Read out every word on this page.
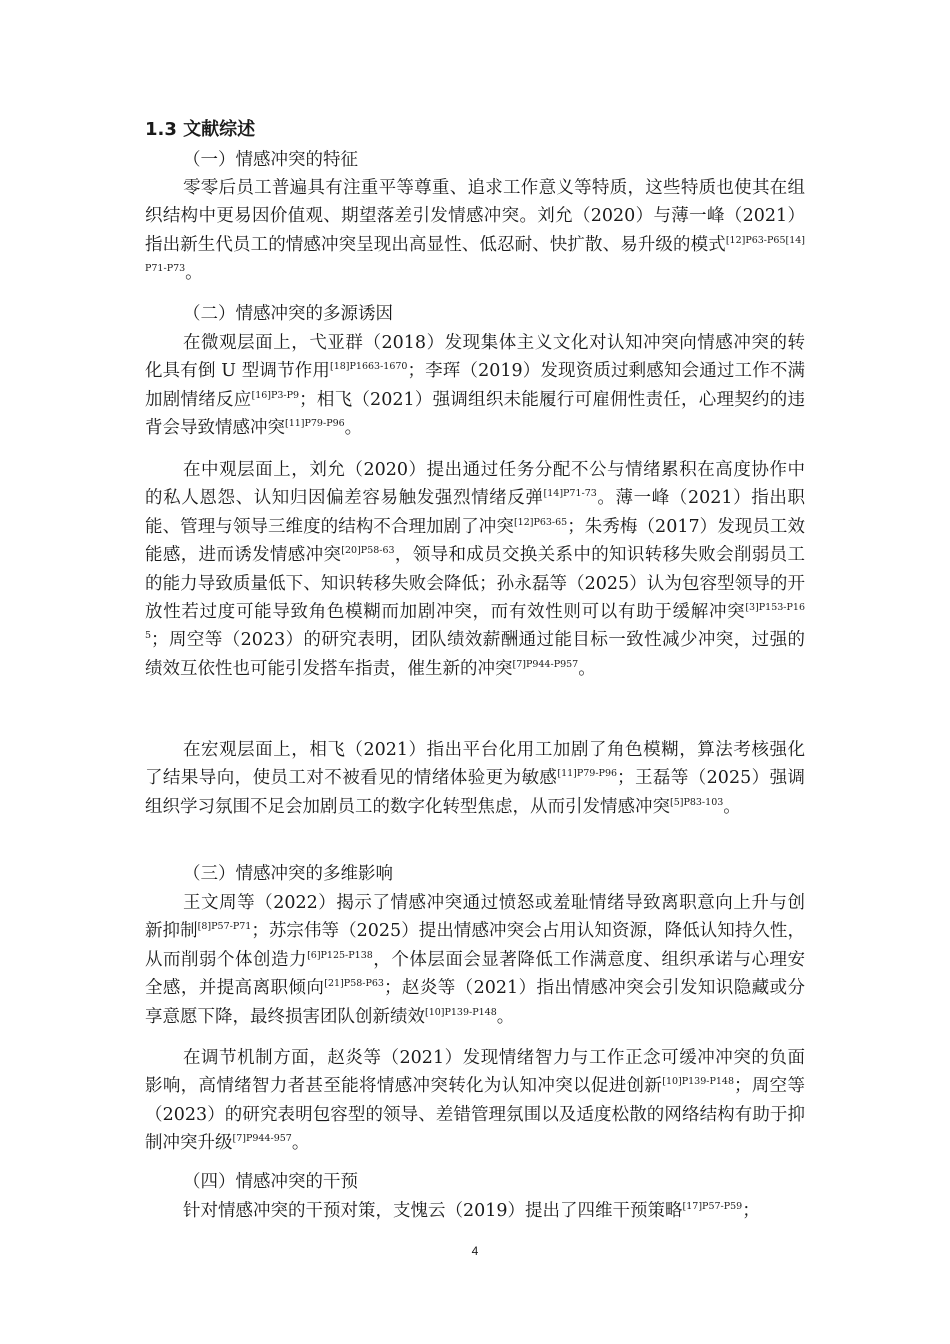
1.3 文献综述
（一）情感冲突的特征

零零后员工普遍具有注重平等尊重、追求工作意义等特质，这些特质也使其在组织结构中更易因价值观、期望落差引发情感冲突。刘允（2020）与薄一峰（2021）指出新生代员工的情感冲突呈现出高显性、低忍耐、快扩散、易升级的模式$^{[12]P63-P65[14]P71-P73}$。

（二）情感冲突的多源诱因

在微观层面上，弋亚群（2018）发现集体主义文化对认知冲突向情感冲突的转化具有倒 U 型调节作用$^{[18]P1663-1670}$；李珲（2019）发现资质过剩感知会通过工作不满加剧情绪反应$^{[16]P3-P9}$；相飞（2021）强调组织未能履行可雇佣性责任，心理契约的违背会导致情感冲突$^{[11]P79-P96}$。

在中观层面上，刘允（2020）提出通过任务分配不公与情绪累积在高度协作中的私人恩怨、认知归因偏差容易触发强烈情绪反弹$^{[14]P71-73}$。薄一峰（2021）指出职能、管理与领导三维度的结构不合理加剧了冲突$^{[12]P63-65}$；朱秀梅（2017）发现员工效能感，进而诱发情感冲突$^{[20]P58-63}$，领导和成员交换关系中的知识转移失败会削弱员工的能力导致质量低下、知识转移失败会降低；孙永磊等（2025）认为包容型领导的开放性若过度可能导致角色模糊而加剧冲突，而有效性则可以有助于缓解冲突$^{[3]P153-P165}$；周空等（2023）的研究表明，团队绩效薪酬通过能目标一致性减少冲突，过强的绩效互依性也可能引发搭车指责，催生新的冲突$^{[7]P944-P957}$。

在宏观层面上，相飞（2021）指出平台化用工加剧了角色模糊，算法考核强化了结果导向，使员工对不被看见的情绪体验更为敏感$^{[11]P79-P96}$；王磊等（2025）强调组织学习氛围不足会加剧员工的数字化转型焦虑，从而引发情感冲突$^{[5]P83-103}$。

（三）情感冲突的多维影响

王文周等（2022）揭示了情感冲突通过愤怒或羞耻情绪导致离职意向上升与创新抑制$^{[8]P57-P71}$；苏宗伟等（2025）提出情感冲突会占用认知资源，降低认知持久性，从而削弱个体创造力$^{[6]P125-P138}$，个体层面会显著降低工作满意度、组织承诺与心理安全感，并提高离职倾向$^{[21]P58-P63}$；赵炎等（2021）指出情感冲突会引发知识隐藏或分享意愿下降，最终损害团队创新绩效$^{[10]P139-P148}$。

在调节机制方面，赵炎等（2021）发现情绪智力与工作正念可缓冲冲突的负面影响，高情绪智力者甚至能将情感冲突转化为认知冲突以促进创新$^{[10]P139-P148}$；周空等（2023）的研究表明包容型的领导、差错管理氛围以及适度松散的网络结构有助于抑制冲突升级$^{[7]P944-957}$。

（四）情感冲突的干预

针对情感冲突的干预对策，支愧云（2019）提出了四维干预策略$^{[17]P57-P59}$；

4
